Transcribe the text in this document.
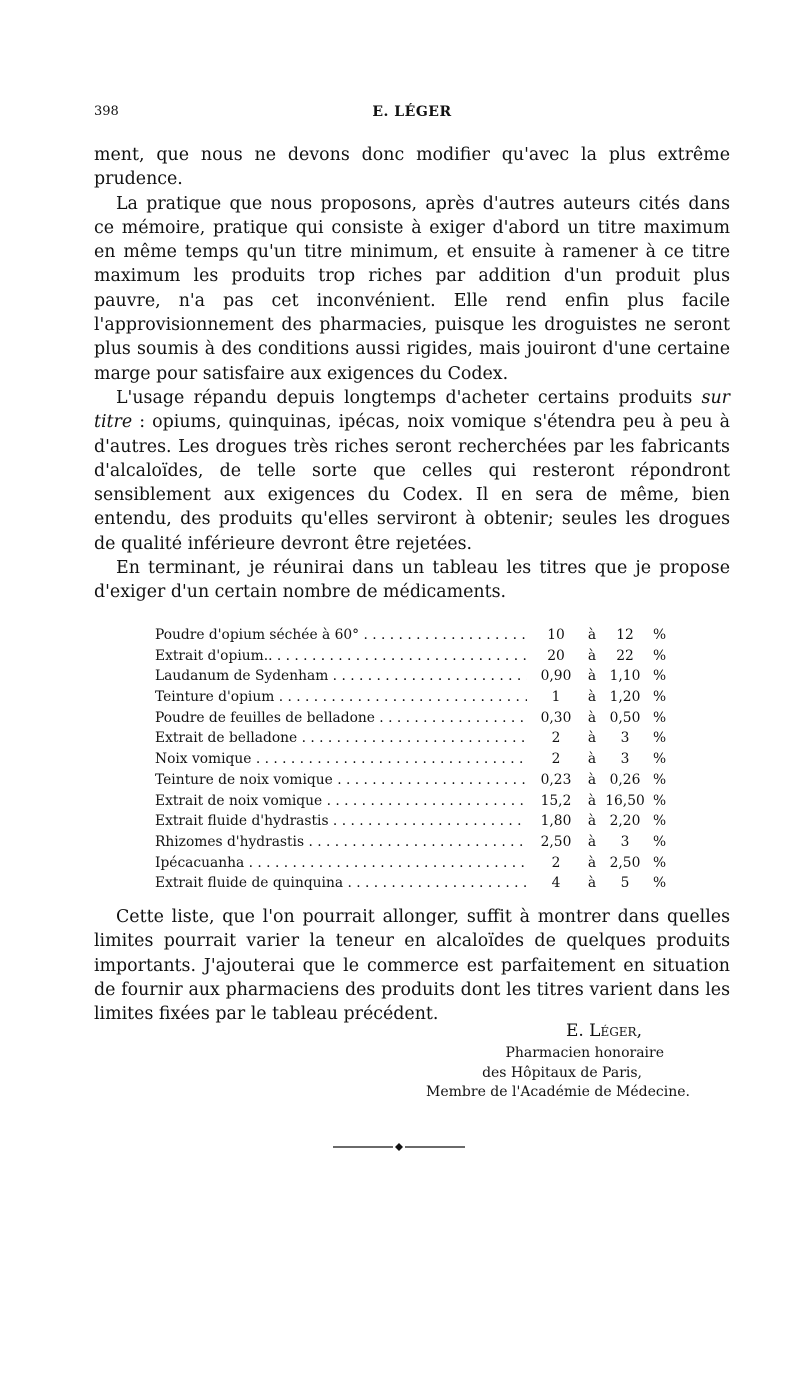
398	E. LÉGER

ment, que nous ne devons donc modifier qu'avec la plus extrême prudence.

La pratique que nous proposons, après d'autres auteurs cités dans ce mémoire, pratique qui consiste à exiger d'abord un titre maximum en même temps qu'un titre minimum, et ensuite à ramener à ce titre maximum les produits trop riches par addition d'un produit plus pauvre, n'a pas cet inconvénient. Elle rend enfin plus facile l'approvisionnement des pharmacies, puisque les droguistes ne seront plus soumis à des conditions aussi rigides, mais jouiront d'une certaine marge pour satisfaire aux exigences du Codex.

L'usage répandu depuis longtemps d'acheter certains produits sur titre : opiums, quinquinas, ipécas, noix vomique s'étendra peu à peu à d'autres. Les drogues très riches seront recherchées par les fabricants d'alcaloïdes, de telle sorte que celles qui resteront répondront sensiblement aux exigences du Codex. Il en sera de même, bien entendu, des produits qu'elles serviront à obtenir; seules les drogues de qualité inférieure devront être rejetées.

En terminant, je réunirai dans un tableau les titres que je propose d'exiger d'un certain nombre de médicaments.

Poudre d'opium séchée à 60° . . .	10	à	12	%
Extrait d'opium.. . . .	20	à	22	%
Laudanum de Sydenham . . .	0,90	à 1,10 %
Teinture d'opium . . .	1	à 1,20 %
Poudre de feuilles de belladone . . .	0,30	à 0,50 %
Extrait de belladone . . .	2	à	3	%
Noix vomique . . .	2	à	3	%
Teinture de noix vomique . . .	0,23	à 0,26 %
Extrait de noix vomique . . .	15,2	à 16,50 %
Extrait fluide d'hydrastis . . .	1,80	à 2,20 %
Rhizomes d'hydrastis . . .	2,50	à	3	%
Ipécacuanha . . .	2	à 2,50 %
Extrait fluide de quinquina . . .	4	à	5	%

Cette liste, que l'on pourrait allonger, suffit à montrer dans quelles limites pourrait varier la teneur en alcaloïdes de quelques produits importants. J'ajouterai que le commerce est parfaitement en situation de fournir aux pharmaciens des produits dont les titres varient dans les limites fixées par le tableau précédent.

E. Léger,
Pharmacien honoraire
des Hôpitaux de Paris,
Membre de l'Académie de Médecine.
